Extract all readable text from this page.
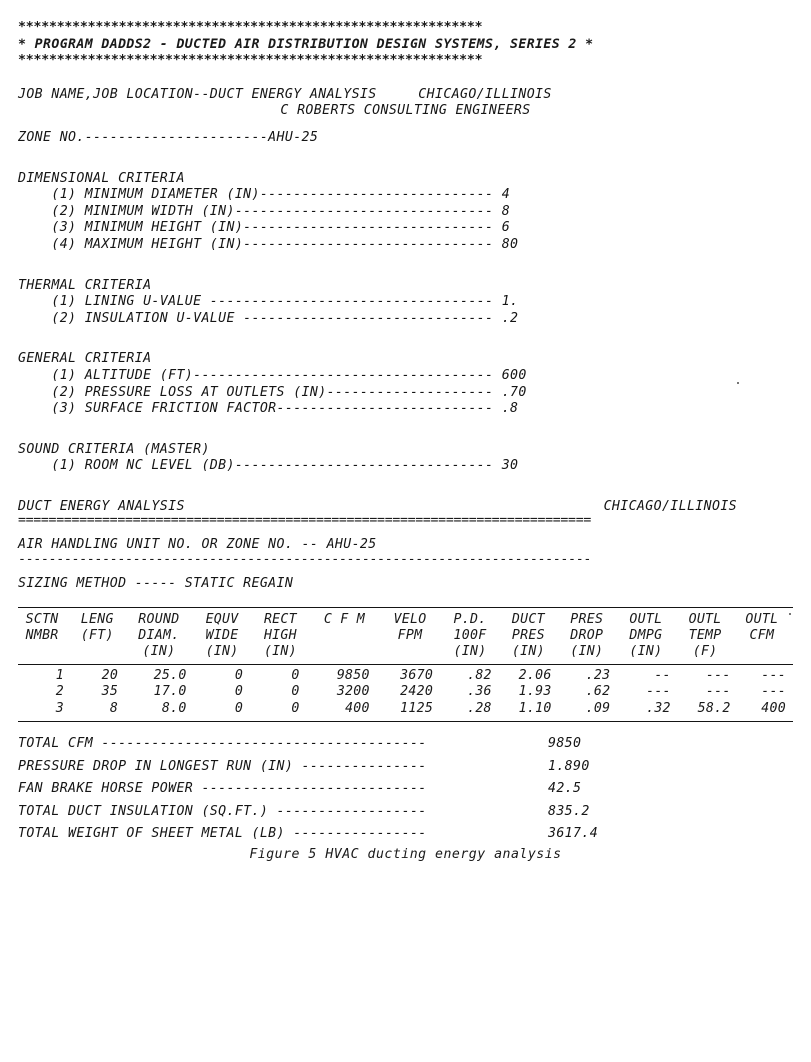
************************************************************
* PROGRAM DADDS2 - DUCTED AIR DISTRIBUTION DESIGN SYSTEMS, SERIES 2 *
************************************************************
JOB NAME,JOB LOCATION--DUCT ENERGY ANALYSIS     CHICAGO/ILLINOIS
C ROBERTS CONSULTING ENGINEERS
ZONE NO.----------------------AHU-25
DIMENSIONAL CRITERIA
(1) MINIMUM DIAMETER (IN)---------------------------- 4
(2) MINIMUM WIDTH (IN)------------------------------- 8
(3) MINIMUM HEIGHT (IN)------------------------------ 6
(4) MAXIMUM HEIGHT (IN)------------------------------ 80
THERMAL CRITERIA
(1) LINING U-VALUE ---------------------------------- 1.
(2) INSULATION U-VALUE ------------------------------ .2
GENERAL CRITERIA
(1) ALTITUDE (FT)------------------------------------ 600
(2) PRESSURE LOSS AT OUTLETS (IN)-------------------- .70
(3) SURFACE FRICTION FACTOR-------------------------- .8
SOUND CRITERIA (MASTER)
(1) ROOM NC LEVEL (DB)------------------------------- 30
DUCT ENERGY ANALYSIS	CHICAGO/ILLINOIS
===========================================================================
AIR HANDLING UNIT NO. OR ZONE NO. -- AHU-25
---------------------------------------------------------------------------
SIZING METHOD ----- STATIC REGAIN
SCTN	LENG	ROUND	EQUV	RECT	C F M	VELO	P.D.	DUCT	PRES	OUTL	OUTL	OUTL
NMBR	(FT)	DIAM.	WIDE	HIGH		FPM	100F	PRES	DROP	DMPG	TEMP	CFM
		(IN)	(IN)	(IN)			(IN)	(IN)	(IN)	(IN)	(F)	
1	20	25.0	0	0	9850	3670	.82	2.06	.23	--	---	---
2	35	17.0	0	0	3200	2420	.36	1.93	.62	---	---	---
3	8	8.0	0	0	400	1125	.28	1.10	.09	.32	58.2	400
TOTAL CFM ---------------------------------------	9850
PRESSURE DROP IN LONGEST RUN (IN) ---------------	1.890
FAN BRAKE HORSE POWER ---------------------------	42.5
TOTAL DUCT INSULATION (SQ.FT.) ------------------	835.2
TOTAL WEIGHT OF SHEET METAL (LB) ----------------	3617.4
Figure 5 HVAC ducting energy analysis
